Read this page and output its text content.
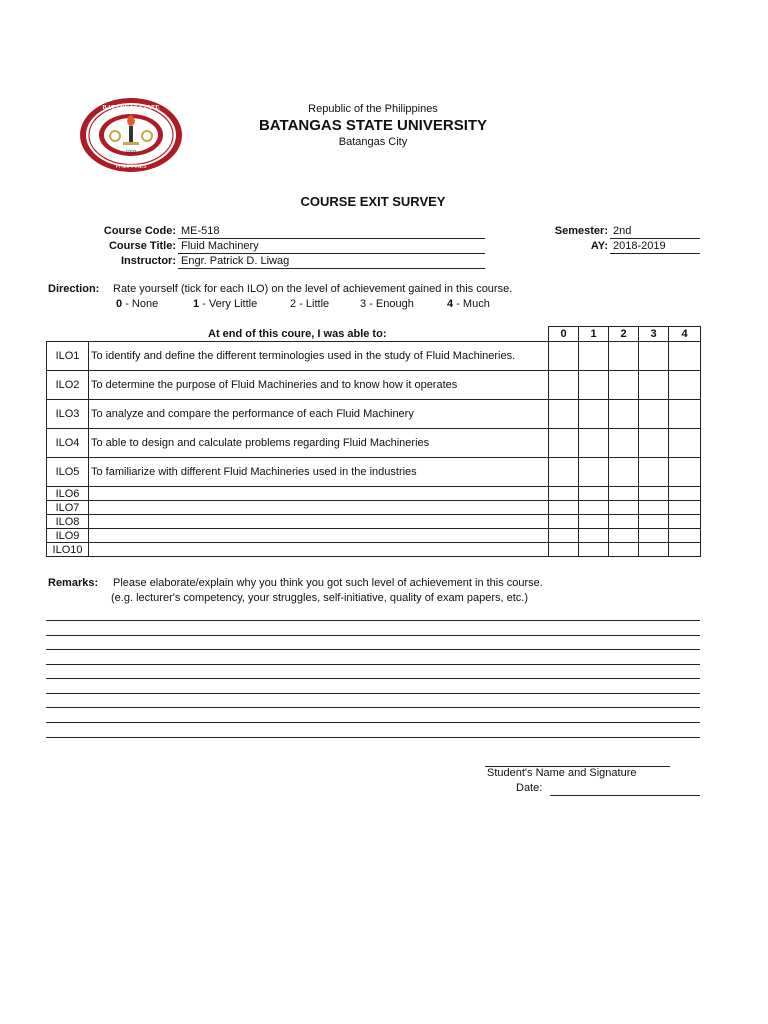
1903
BATANGAS STATE
PHILIPPINES
Republic of the Philippines
BATANGAS STATE UNIVERSITY
Batangas City
COURSE EXIT SURVEY
Course Code: ME-518
Course Title: Fluid Machinery
Instructor: Engr. Patrick D. Liwag
Semester: 2nd
AY: 2018-2019
Direction: Rate yourself (tick for each ILO) on the level of achievement gained in this course.
0 - None	1 - Very Little	2 - Little	3 - Enough	4 - Much
At end of this coure, I was able to:		0	1	2	3	4
ILO1	To identify and define the different terminologies used in the study of Fluid Machineries.					
ILO2	To determine the purpose of Fluid Machineries and to know how it operates					
ILO3	To analyze and compare the performance of each Fluid Machinery					
ILO4	To able to design and calculate problems regarding Fluid Machineries					
ILO5	To familiarize with different Fluid Machineries used in the industries					
ILO6						
ILO7						
ILO8						
ILO9						
ILO10						
Remarks: Please elaborate/explain why you think you got such level of achievement in this course.
(e.g. lecturer's competency, your struggles, self-initiative, quality of exam papers, etc.)
Student's Name and Signature
Date:
